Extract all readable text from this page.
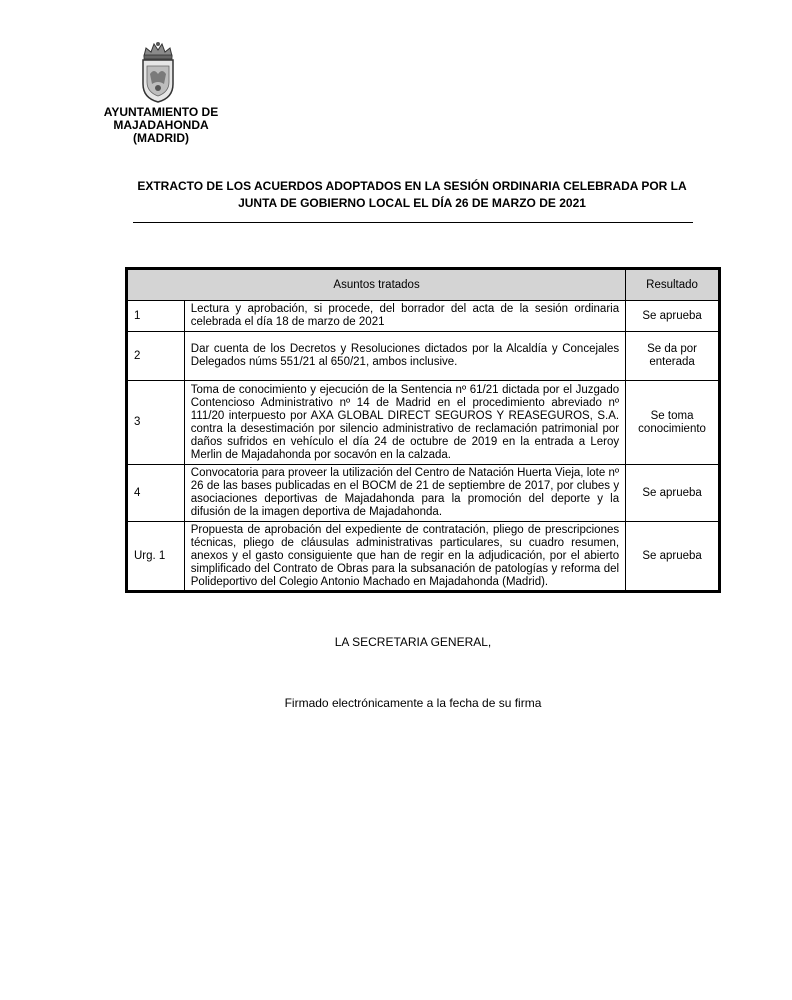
AYUNTAMIENTO DE
MAJADAHONDA
(MADRID)
EXTRACTO DE LOS ACUERDOS ADOPTADOS EN LA SESIÓN ORDINARIA CELEBRADA POR LA
JUNTA DE GOBIERNO LOCAL EL DÍA 26 DE MARZO DE 2021
Asuntos tratados		Resultado
1	Lectura y aprobación, si procede, del borrador del acta de la sesión ordinaria celebrada el día 18 de marzo de 2021	Se aprueba
2	Dar cuenta de los Decretos y Resoluciones dictados por la Alcaldía y Concejales Delegados núms 551/21 al 650/21, ambos inclusive.	Se da por enterada
3	Toma de conocimiento y ejecución de la Sentencia nº 61/21 dictada por el Juzgado Contencioso Administrativo nº 14 de Madrid en el procedimiento abreviado nº 111/20 interpuesto por AXA GLOBAL DIRECT SEGUROS Y REASEGUROS, S.A. contra la desestimación por silencio administrativo de reclamación patrimonial por daños sufridos en vehículo el día 24 de octubre de 2019 en la entrada a Leroy Merlin de Majadahonda por socavón en la calzada.	Se toma conocimiento
4	Convocatoria para proveer la utilización del Centro de Natación Huerta Vieja, lote nº 26 de las bases publicadas en el BOCM de 21 de septiembre de 2017, por clubes y asociaciones deportivas de Majadahonda para la promoción del deporte y la difusión de la imagen deportiva de Majadahonda.	Se aprueba
Urg. 1	Propuesta de aprobación del expediente de contratación, pliego de prescripciones técnicas, pliego de cláusulas administrativas particulares, su cuadro resumen, anexos y el gasto consiguiente que han de regir en la adjudicación, por el abierto simplificado del Contrato de Obras para la subsanación de patologías y reforma del Polideportivo del Colegio Antonio Machado en Majadahonda (Madrid).	Se aprueba
LA SECRETARIA GENERAL,
Firmado electrónicamente a la fecha de su firma
